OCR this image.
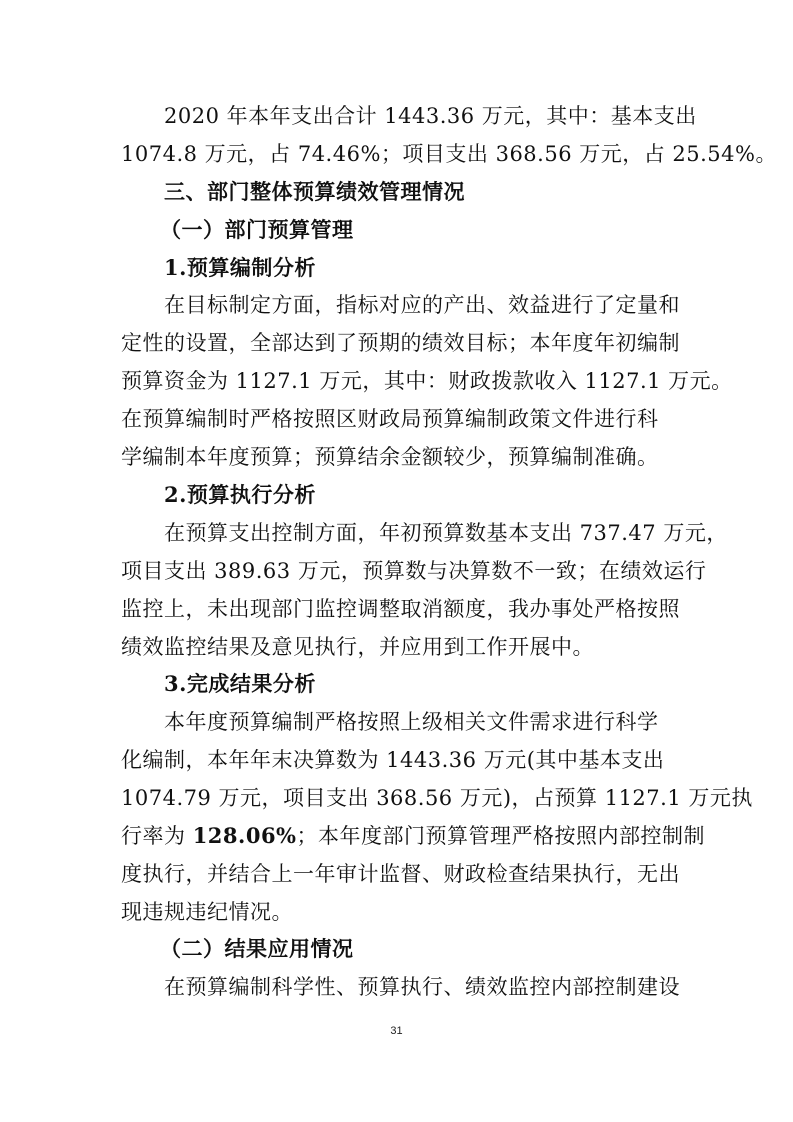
2020 年本年支出合计 1443.36 万元，其中：基本支出
1074.8 万元，占 74.46%；项目支出 368.56 万元，占 25.54%。
三、部门整体预算绩效管理情况
（一）部门预算管理
1.预算编制分析
在目标制定方面，指标对应的产出、效益进行了定量和
定性的设置，全部达到了预期的绩效目标；本年度年初编制
预算资金为 1127.1 万元，其中：财政拨款收入 1127.1 万元。
在预算编制时严格按照区财政局预算编制政策文件进行科
学编制本年度预算；预算结余金额较少，预算编制准确。
2.预算执行分析
在预算支出控制方面，年初预算数基本支出 737.47 万元，
项目支出 389.63 万元，预算数与决算数不一致；在绩效运行
监控上，未出现部门监控调整取消额度，我办事处严格按照
绩效监控结果及意见执行，并应用到工作开展中。
3.完成结果分析
本年度预算编制严格按照上级相关文件需求进行科学
化编制，本年年末决算数为 1443.36 万元(其中基本支出
1074.79 万元，项目支出 368.56 万元)，占预算 1127.1 万元执
行率为 128.06%；本年度部门预算管理严格按照内部控制制
度执行，并结合上一年审计监督、财政检查结果执行，无出
现违规违纪情况。
（二）结果应用情况
在预算编制科学性、预算执行、绩效监控内部控制建设
31
